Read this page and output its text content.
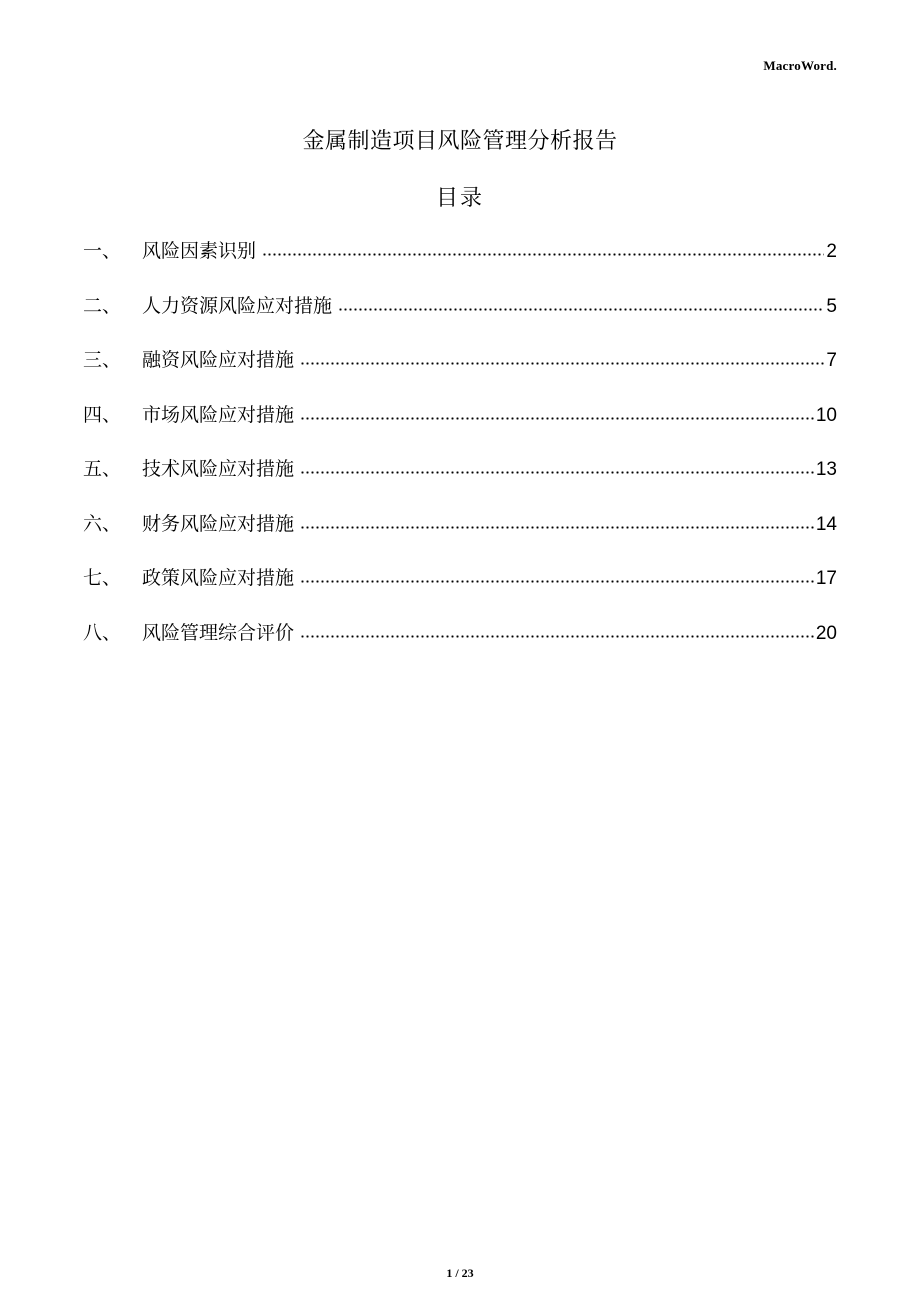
MacroWord.
金属制造项目风险管理分析报告
目录
一、	风险因素识别	2
二、	人力资源风险应对措施	5
三、	融资风险应对措施	7
四、	市场风险应对措施	10
五、	技术风险应对措施	13
六、	财务风险应对措施	14
七、	政策风险应对措施	17
八、	风险管理综合评价	20
1 / 23
